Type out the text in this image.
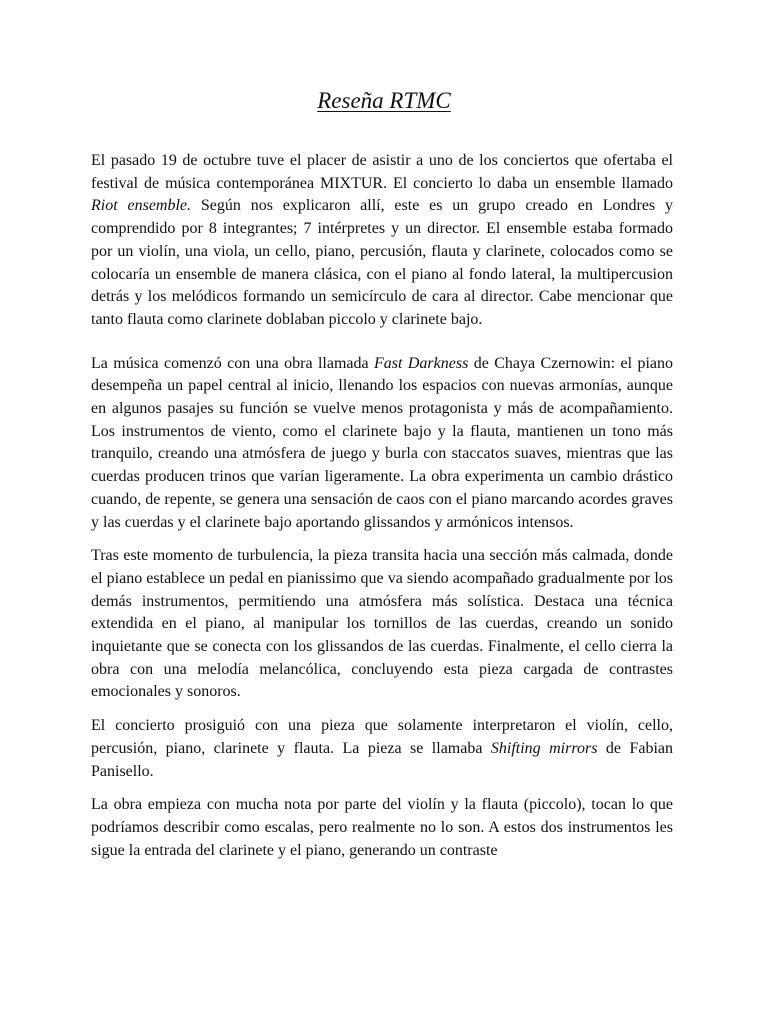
Reseña RTMC

El pasado 19 de octubre tuve el placer de asistir a uno de los conciertos que ofertaba el festival de música contemporánea MIXTUR. El concierto lo daba un ensemble llamado Riot ensemble. Según nos explicaron allí, este es un grupo creado en Londres y comprendido por 8 integrantes; 7 intérpretes y un director. El ensemble estaba formado por un violín, una viola, un cello, piano, percusión, flauta y clarinete, colocados como se colocaría un ensemble de manera clásica, con el piano al fondo lateral, la multipercusion detrás y los melódicos formando un semicírculo de cara al director. Cabe mencionar que tanto flauta como clarinete doblaban piccolo y clarinete bajo.

La música comenzó con una obra llamada Fast Darkness de Chaya Czernowin: el piano desempeña un papel central al inicio, llenando los espacios con nuevas armonías, aunque en algunos pasajes su función se vuelve menos protagonista y más de acompañamiento. Los instrumentos de viento, como el clarinete bajo y la flauta, mantienen un tono más tranquilo, creando una atmósfera de juego y burla con staccatos suaves, mientras que las cuerdas producen trinos que varían ligeramente. La obra experimenta un cambio drástico cuando, de repente, se genera una sensación de caos con el piano marcando acordes graves y las cuerdas y el clarinete bajo aportando glissandos y armónicos intensos.

Tras este momento de turbulencia, la pieza transita hacia una sección más calmada, donde el piano establece un pedal en pianissimo que va siendo acompañado gradualmente por los demás instrumentos, permitiendo una atmósfera más solística. Destaca una técnica extendida en el piano, al manipular los tornillos de las cuerdas, creando un sonido inquietante que se conecta con los glissandos de las cuerdas. Finalmente, el cello cierra la obra con una melodía melancólica, concluyendo esta pieza cargada de contrastes emocionales y sonoros.

El concierto prosiguió con una pieza que solamente interpretaron el violín, cello, percusión, piano, clarinete y flauta. La pieza se llamaba Shifting mirrors de Fabian Panisello.

La obra empieza con mucha nota por parte del violín y la flauta (piccolo), tocan lo que podríamos describir como escalas, pero realmente no lo son. A estos dos instrumentos les sigue la entrada del clarinete y el piano, generando un contraste
